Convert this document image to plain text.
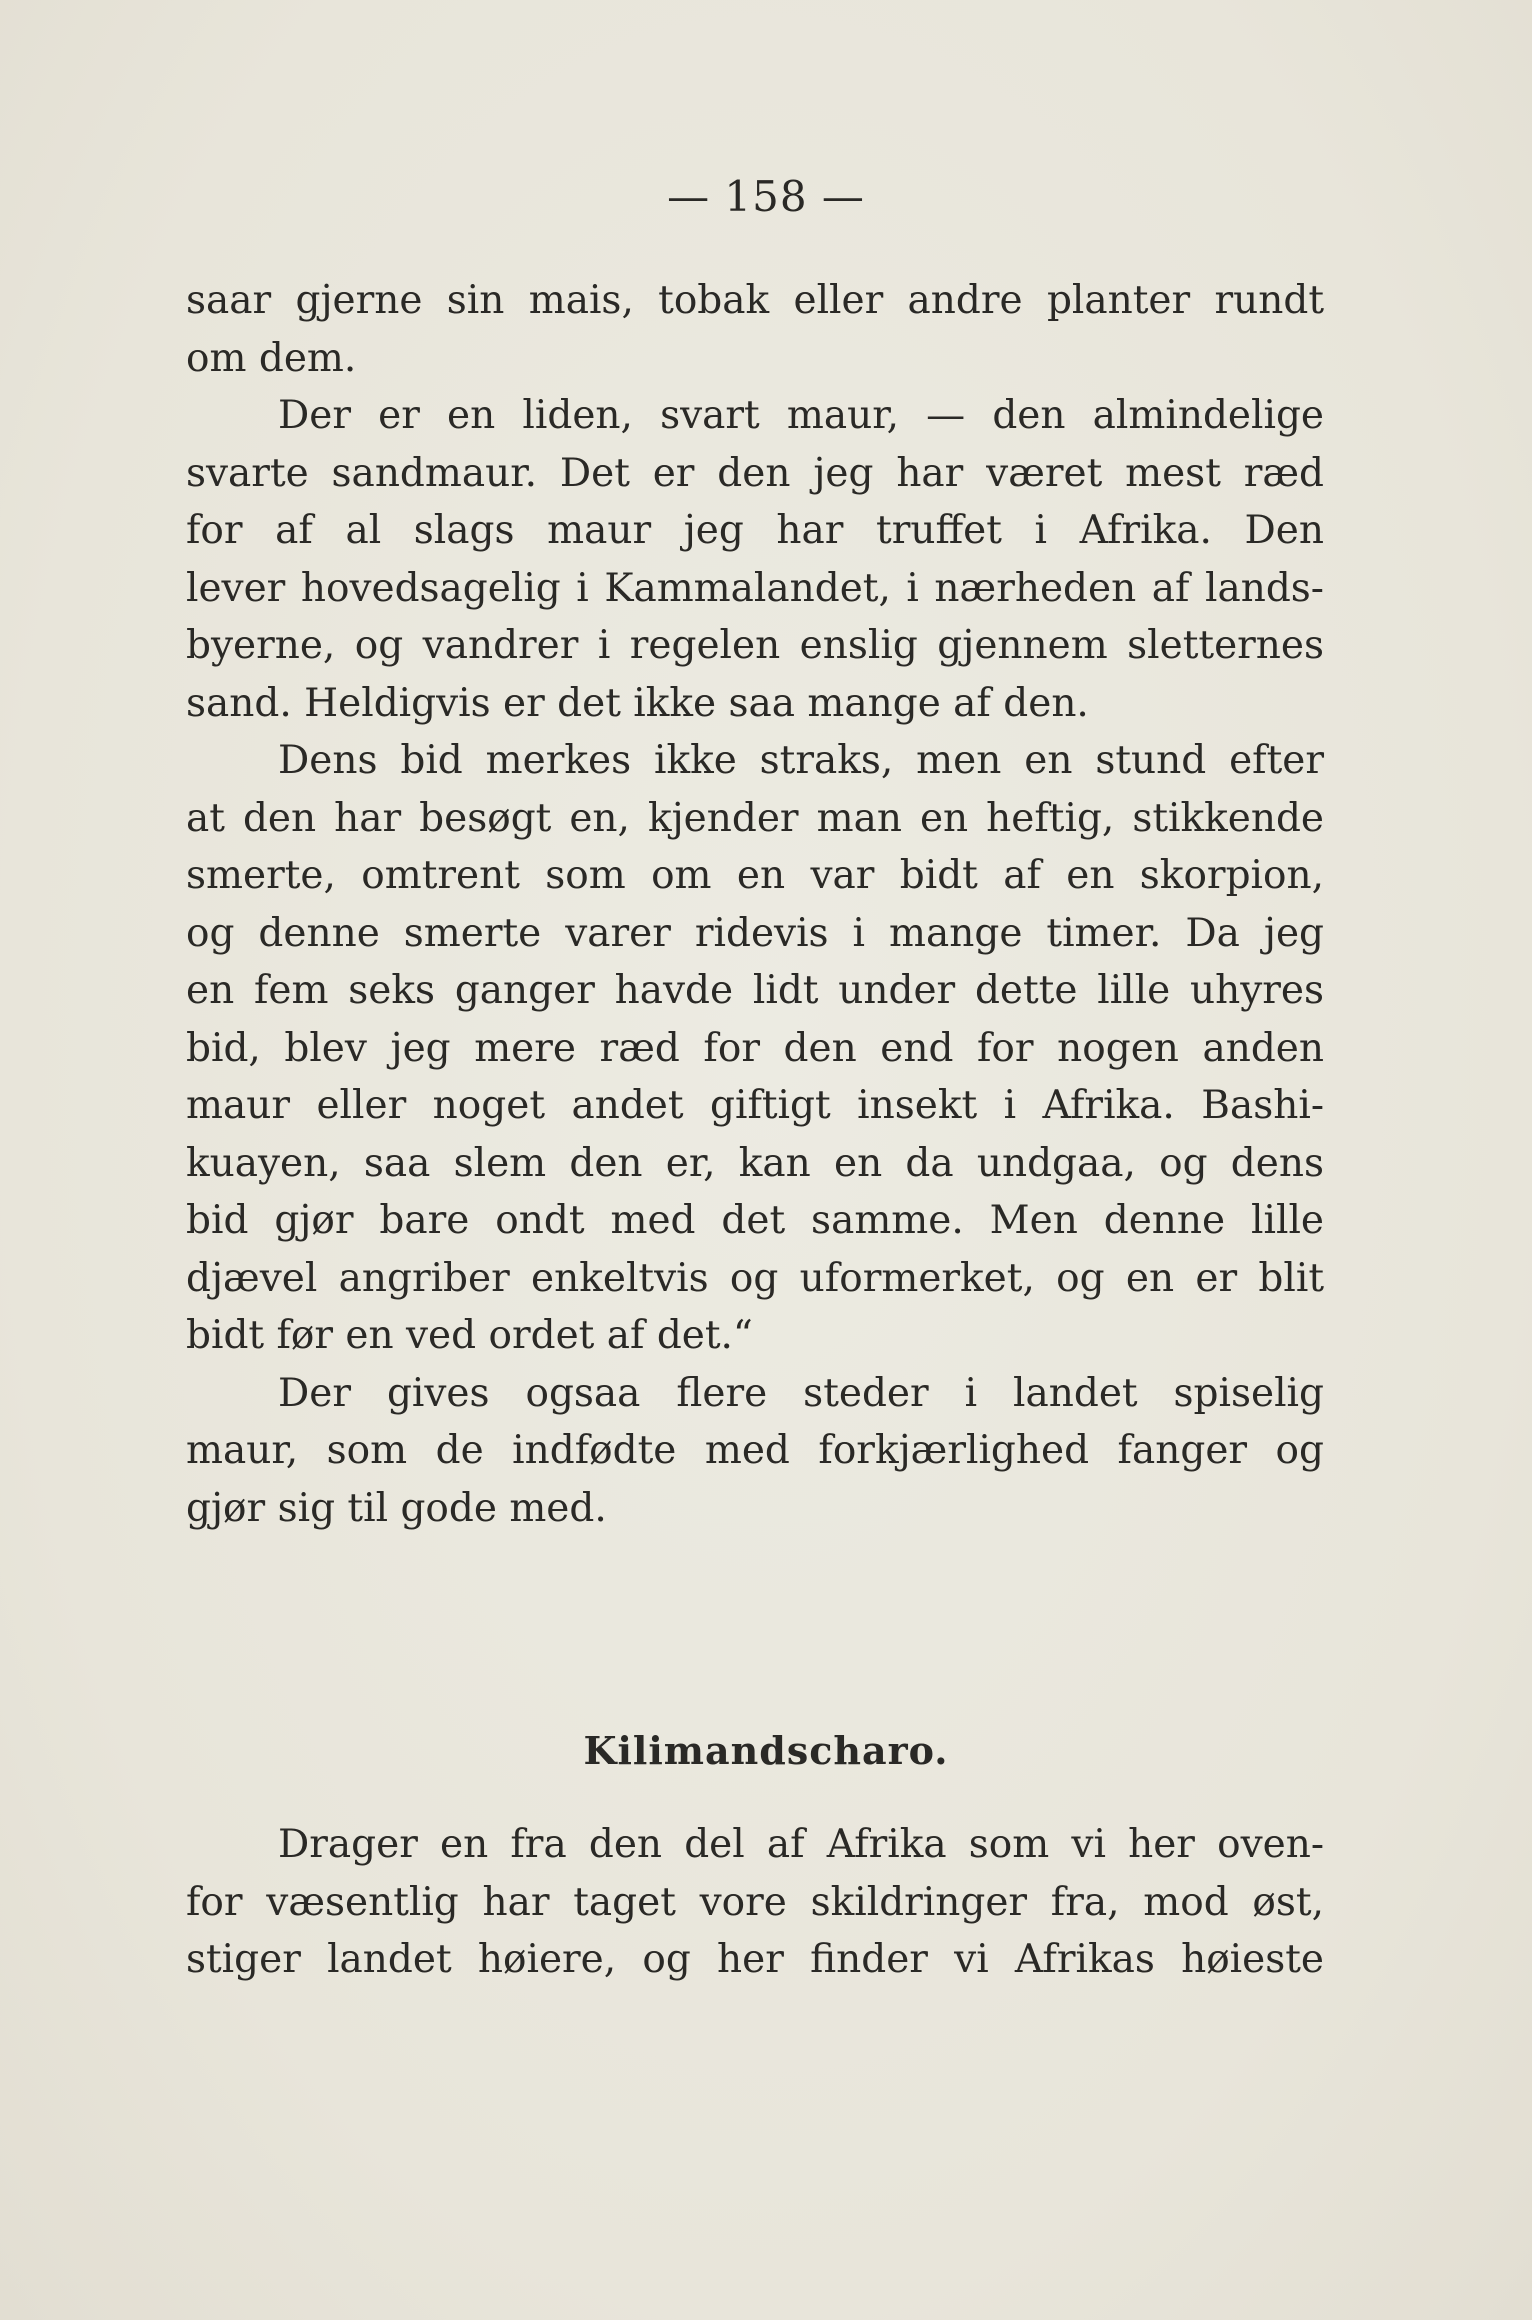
— 158 —
saar gjerne sin mais, tobak eller andre planter rundt
om dem.
Der er en liden, svart maur, — den almindelige
svarte sandmaur. Det er den jeg har været mest ræd
for af al slags maur jeg har truffet i Afrika. Den
lever hovedsagelig i Kammalandet, i nærheden af lands-
byerne, og vandrer i regelen enslig gjennem sletternes
sand. Heldigvis er det ikke saa mange af den.
Dens bid merkes ikke straks, men en stund efter
at den har besøgt en, kjender man en heftig, stikkende
smerte, omtrent som om en var bidt af en skorpion,
og denne smerte varer ridevis i mange timer. Da jeg
en fem seks ganger havde lidt under dette lille uhyres
bid, blev jeg mere ræd for den end for nogen anden
maur eller noget andet giftigt insekt i Afrika. Bashi-
kuayen, saa slem den er, kan en da undgaa, og dens
bid gjør bare ondt med det samme. Men denne lille
djævel angriber enkeltvis og uformerket, og en er blit
bidt før en ved ordet af det.“
Der gives ogsaa flere steder i landet spiselig
maur, som de indfødte med forkjærlighed fanger og
gjør sig til gode med.
Kilimandscharo.
Drager en fra den del af Afrika som vi her oven-
for væsentlig har taget vore skildringer fra, mod øst,
stiger landet høiere, og her finder vi Afrikas høieste
